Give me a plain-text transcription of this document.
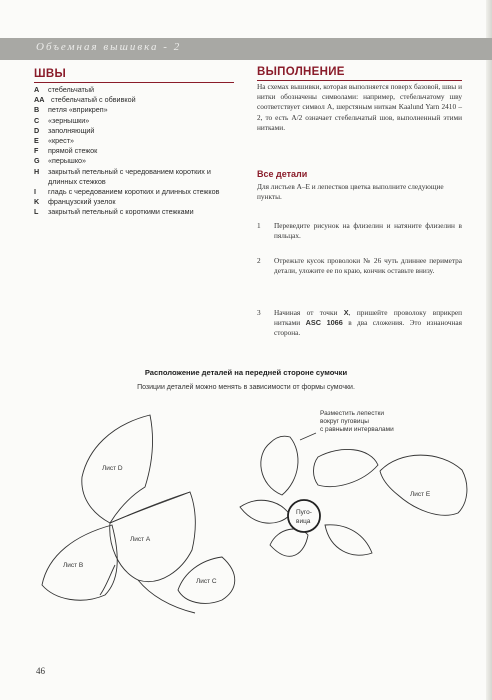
Объемная вышивка - 2
ШВЫ
A	стебельчатый
AA стебельчатый с обвивкой
B	петля «вприкреп»
C	«зернышки»
D	заполняющий
E	«крест»
F	прямой стежок
G	«перышко»
H	закрытый петельный с чередованием коротких и длинных стежков
I	гладь с чередованием коротких и длинных стежков
K	французский узелок
L	закрытый петельный с короткими стежками
ВЫПОЛНЕНИЕ
На схемах вышивки, которая выполняется поверх базовой, швы и нитки обозначены символами: например, стебельчатому шву соответствует символ A, шерстяным ниткам Kaalund Yarn 2410 – 2, то есть A/2 означает стебельчатый шов, выполненный этими нитками.
Все детали
Для листьев A–E и лепестков цветка выполните следующие пункты.
1	Переведите рисунок на флизелин и натяните флизелин в пяльцах.
2	Отрежьте кусок проволоки № 26 чуть длиннее периметра детали, уложите ее по краю, кончик оставьте внизу.
3	Начиная от точки X, пришейте проволоку вприкреп нитками ASC 1066 в два сложения. Это изнаночная сторона.
Расположение деталей на передней стороне сумочки
Позиции деталей можно менять в зависимости от формы сумочки.
Лист D
Лист А
Лист В
Лист С
Лист Е
Пуго-
вица
Разместить лепестки
вокруг пуговицы
с равными интервалами
46
